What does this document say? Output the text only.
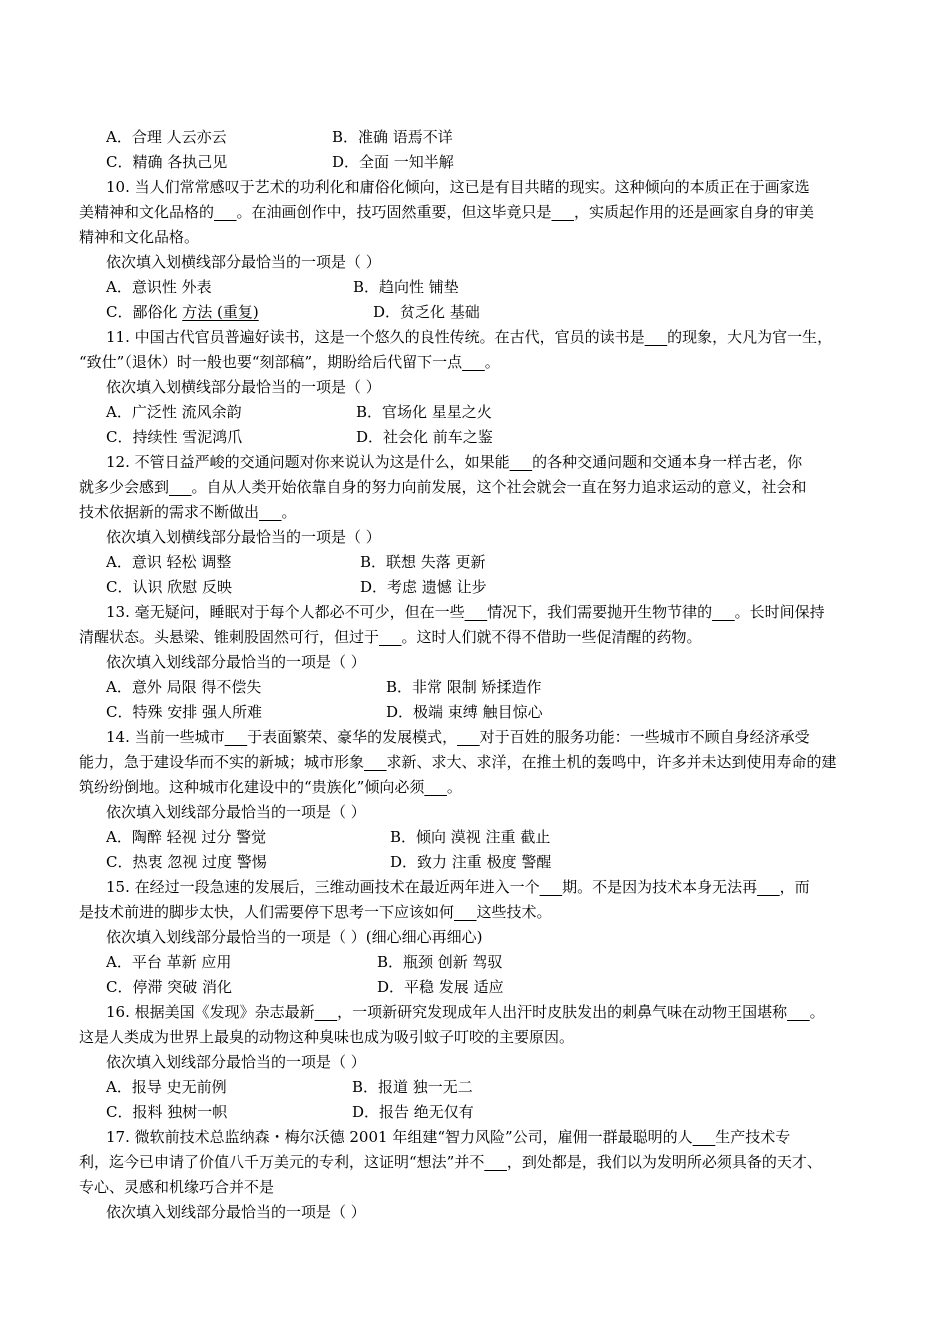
A．合理 人云亦云	B．准确 语焉不详
C．精确 各执己见	D．全面 一知半解
10. 当人们常常感叹于艺术的功利化和庸俗化倾向，这已是有目共睹的现实。这种倾向的本质正在于画家选
美精神和文化品格的___。在油画创作中，技巧固然重要，但这毕竟只是___，实质起作用的还是画家自身的审美
精神和文化品格。
依次填入划横线部分最恰当的一项是（ ）
A．意识性 外表	B．趋向性 铺垫
C．鄙俗化 方法 (重复)	D．贫乏化 基础
11. 中国古代官员普遍好读书，这是一个悠久的良性传统。在古代，官员的读书是___的现象，大凡为官一生，
“致仕”（退休）时一般也要“刻部稿”，期盼给后代留下一点___。
依次填入划横线部分最恰当的一项是（ ）
A．广泛性 流风余韵	B．官场化 星星之火
C．持续性 雪泥鸿爪	D．社会化 前车之鉴
12. 不管日益严峻的交通问题对你来说认为这是什么，如果能___的各种交通问题和交通本身一样古老，你
就多少会感到___。自从人类开始依靠自身的努力向前发展，这个社会就会一直在努力追求运动的意义，社会和
技术依据新的需求不断做出___。
依次填入划横线部分最恰当的一项是（ ）
A．意识 轻松 调整	B．联想 失落 更新
C．认识 欣慰 反映	D．考虑 遗憾 让步
13. 毫无疑问，睡眠对于每个人都必不可少，但在一些___情况下，我们需要抛开生物节律的___。长时间保持
清醒状态。头悬梁、锥刺股固然可行，但过于___。这时人们就不得不借助一些促清醒的药物。
依次填入划线部分最恰当的一项是（ ）
A．意外 局限 得不偿失	B．非常 限制 矫揉造作
C．特殊 安排 强人所难	D．极端 束缚 触目惊心
14. 当前一些城市___于表面繁荣、豪华的发展模式，___对于百姓的服务功能：一些城市不顾自身经济承受
能力，急于建设华而不实的新城；城市形象___求新、求大、求洋，在推土机的轰鸣中，许多并未达到使用寿命的建
筑纷纷倒地。这种城市化建设中的“贵族化”倾向必须___。
依次填入划线部分最恰当的一项是（ ）
A．陶醉 轻视 过分 警觉	B．倾向 漠视 注重 截止
C．热衷 忽视 过度 警惕	D．致力 注重 极度 警醒
15. 在经过一段急速的发展后，三维动画技术在最近两年进入一个___期。不是因为技术本身无法再___，而
是技术前进的脚步太快，人们需要停下思考一下应该如何___这些技术。
依次填入划线部分最恰当的一项是（ ）(细心细心再细心)
A．平台 革新 应用	B．瓶颈 创新 驾驭
C．停滞 突破 消化	D．平稳 发展 适应
16. 根据美国《发现》杂志最新___，一项新研究发现成年人出汗时皮肤发出的刺鼻气味在动物王国堪称___。
这是人类成为世界上最臭的动物这种臭味也成为吸引蚊子叮咬的主要原因。
依次填入划线部分最恰当的一项是（ ）
A．报导 史无前例	B．报道 独一无二
C．报料 独树一帜	D．报告 绝无仅有
17. 微软前技术总监纳森・梅尔沃德 2001 年组建“智力风险”公司，雇佣一群最聪明的人___生产技术专
利，迄今已申请了价值八千万美元的专利，这证明“想法”并不___，到处都是，我们以为发明所必须具备的天才、
专心、灵感和机缘巧合并不是
依次填入划线部分最恰当的一项是（ ）
